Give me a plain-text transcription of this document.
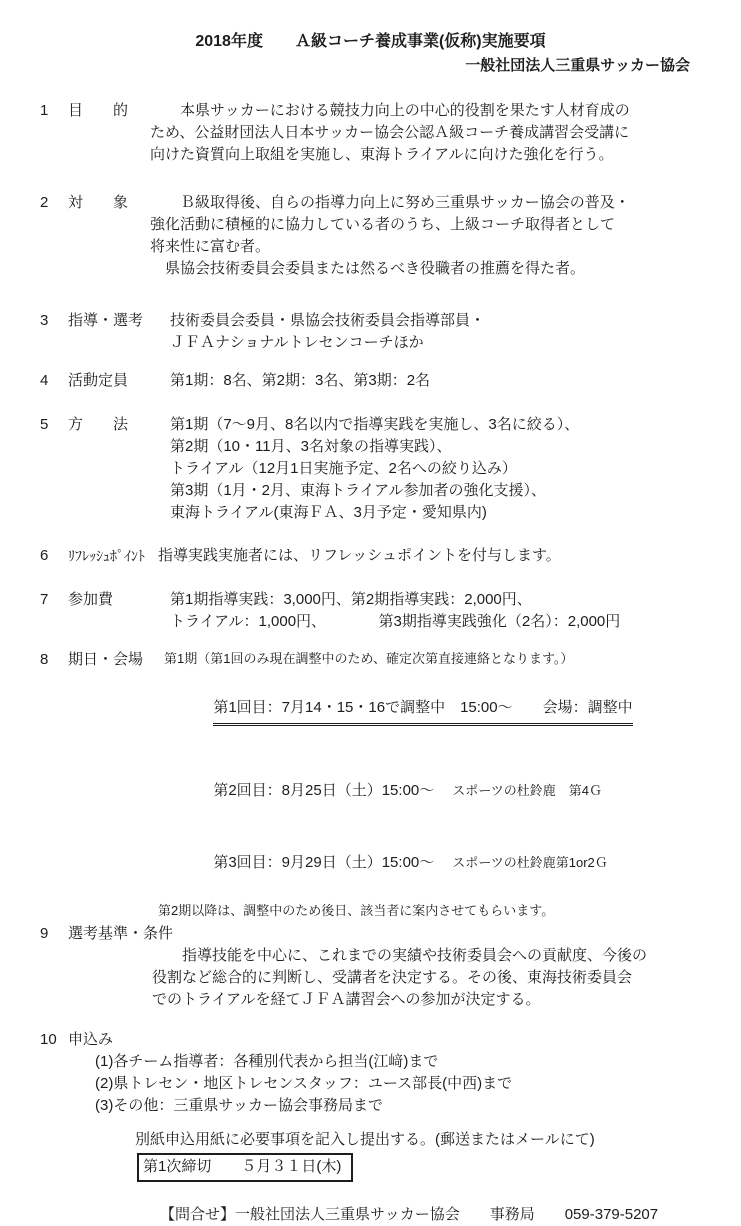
2018年度　　Ａ級コーチ養成事業(仮称)実施要項
一般社団法人三重県サッカー協会
1	目　　的	　　本県サッカーにおける競技力向上の中心的役割を果たす人材育成の
ため、公益財団法人日本サッカー協会公認Ａ級コーチ養成講習会受講に
向けた資質向上取組を実施し、東海トライアルに向けた強化を行う。
2	対　　象	　　Ｂ級取得後、自らの指導力向上に努め三重県サッカー協会の普及・
強化活動に積極的に協力している者のうち、上級コーチ取得者として
将来性に富む者。
　県協会技術委員会委員または然るべき役職者の推薦を得た者。
3	指導・選考	技術委員会委員・県協会技術委員会指導部員・
ＪＦＡナショナルトレセンコーチほか
4	活動定員	第1期：8名、第2期：3名、第3期：2名
5	方　　法	第1期（7～9月、8名以内で指導実践を実施し、3名に絞る）、
第2期（10・11月、3名対象の指導実践）、
トライアル（12月1日実施予定、2名への絞り込み）
第3期（1月・2月、東海トライアル参加者の強化支援）、
東海トライアル(東海ＦＡ、3月予定・愛知県内)
6	ﾘﾌﾚｯｼｭﾎﾟｲﾝﾄ 指導実践実施者には、リフレッシュポイントを付与します。
7	参加費	第1期指導実践：3,000円、第2期指導実践：2,000円、
トライアル：1,000円、　　　　第3期指導実践強化（2名）：2,000円
8	期日・会場	第1期（第1回のみ現在調整中のため、確定次第直接連絡となります。）

第1回目：7月14・15・16で調整中　15:00～　　会場：調整中

第2回目：8月25日（土）15:00～ スポーツの杜鈴鹿　第4Ｇ

第3回目：9月29日（土）15:00～ スポーツの杜鈴鹿第1or2Ｇ

第2期以降は、調整中のため後日、該当者に案内させてもらいます。
9	選考基準・条件
　　指導技能を中心に、これまでの実績や技術委員会への貢献度、今後の
役割など総合的に判断し、受講者を決定する。その後、東海技術委員会
でのトライアルを経てＪＦＡ講習会への参加が決定する。
10 申込み
(1)各チーム指導者：各種別代表から担当(江﨑)まで
(2)県トレセン・地区トレセンスタッフ：ユース部長(中西)まで
(3)その他：三重県サッカー協会事務局まで
別紙申込用紙に必要事項を記入し提出する。(郵送またはメールにて)
第1次締切　　５月３１日(木)
【問合せ】一般社団法人三重県サッカー協会　　事務局　　059-379-5207
